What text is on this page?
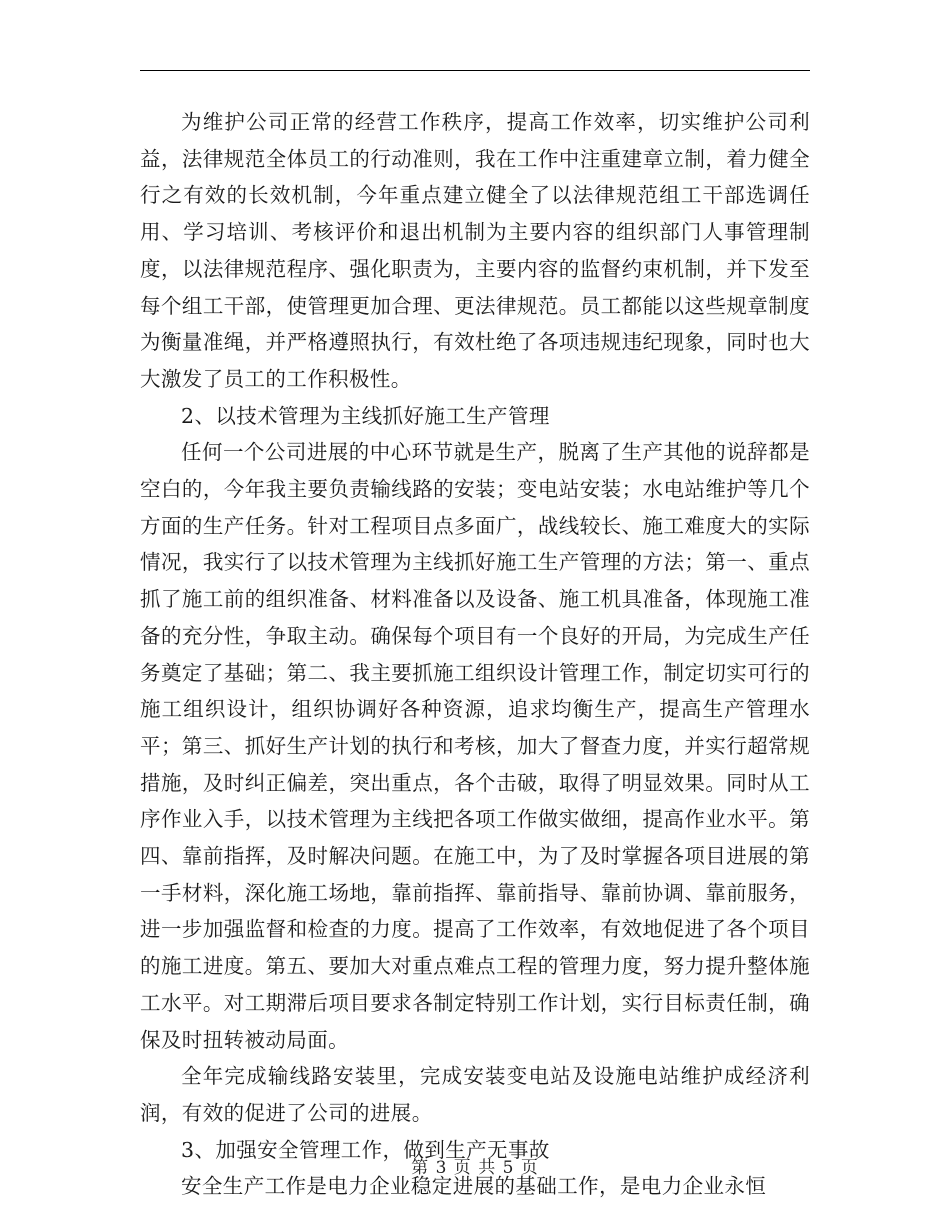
为维护公司正常的经营工作秩序，提高工作效率，切实维护公司利益，法律规范全体员工的行动准则，我在工作中注重建章立制，着力健全行之有效的长效机制，今年重点建立健全了以法律规范组工干部选调任用、学习培训、考核评价和退出机制为主要内容的组织部门人事管理制度，以法律规范程序、强化职责为，主要内容的监督约束机制，并下发至每个组工干部，使管理更加合理、更法律规范。员工都能以这些规章制度为衡量准绳，并严格遵照执行，有效杜绝了各项违规违纪现象，同时也大大激发了员工的工作积极性。

2、以技术管理为主线抓好施工生产管理

任何一个公司进展的中心环节就是生产，脱离了生产其他的说辞都是空白的，今年我主要负责输线路的安装；变电站安装；水电站维护等几个方面的生产任务。针对工程项目点多面广，战线较长、施工难度大的实际情况，我实行了以技术管理为主线抓好施工生产管理的方法；第一、重点抓了施工前的组织准备、材料准备以及设备、施工机具准备，体现施工准备的充分性，争取主动。确保每个项目有一个良好的开局，为完成生产任务奠定了基础；第二、我主要抓施工组织设计管理工作，制定切实可行的施工组织设计，组织协调好各种资源，追求均衡生产，提高生产管理水平；第三、抓好生产计划的执行和考核，加大了督查力度，并实行超常规措施，及时纠正偏差，突出重点，各个击破，取得了明显效果。同时从工序作业入手，以技术管理为主线把各项工作做实做细，提高作业水平。第四、靠前指挥，及时解决问题。在施工中，为了及时掌握各项目进展的第一手材料，深化施工场地，靠前指挥、靠前指导、靠前协调、靠前服务，进一步加强监督和检查的力度。提高了工作效率，有效地促进了各个项目的施工进度。第五、要加大对重点难点工程的管理力度，努力提升整体施工水平。对工期滞后项目要求各制定特别工作计划，实行目标责任制，确保及时扭转被动局面。

全年完成输线路安装里，完成安装变电站及设施电站维护成经济利润，有效的促进了公司的进展。

3、加强安全管理工作，做到生产无事故

安全生产工作是电力企业稳定进展的基础工作，是电力企业永恒

第 3 页 共 5 页
